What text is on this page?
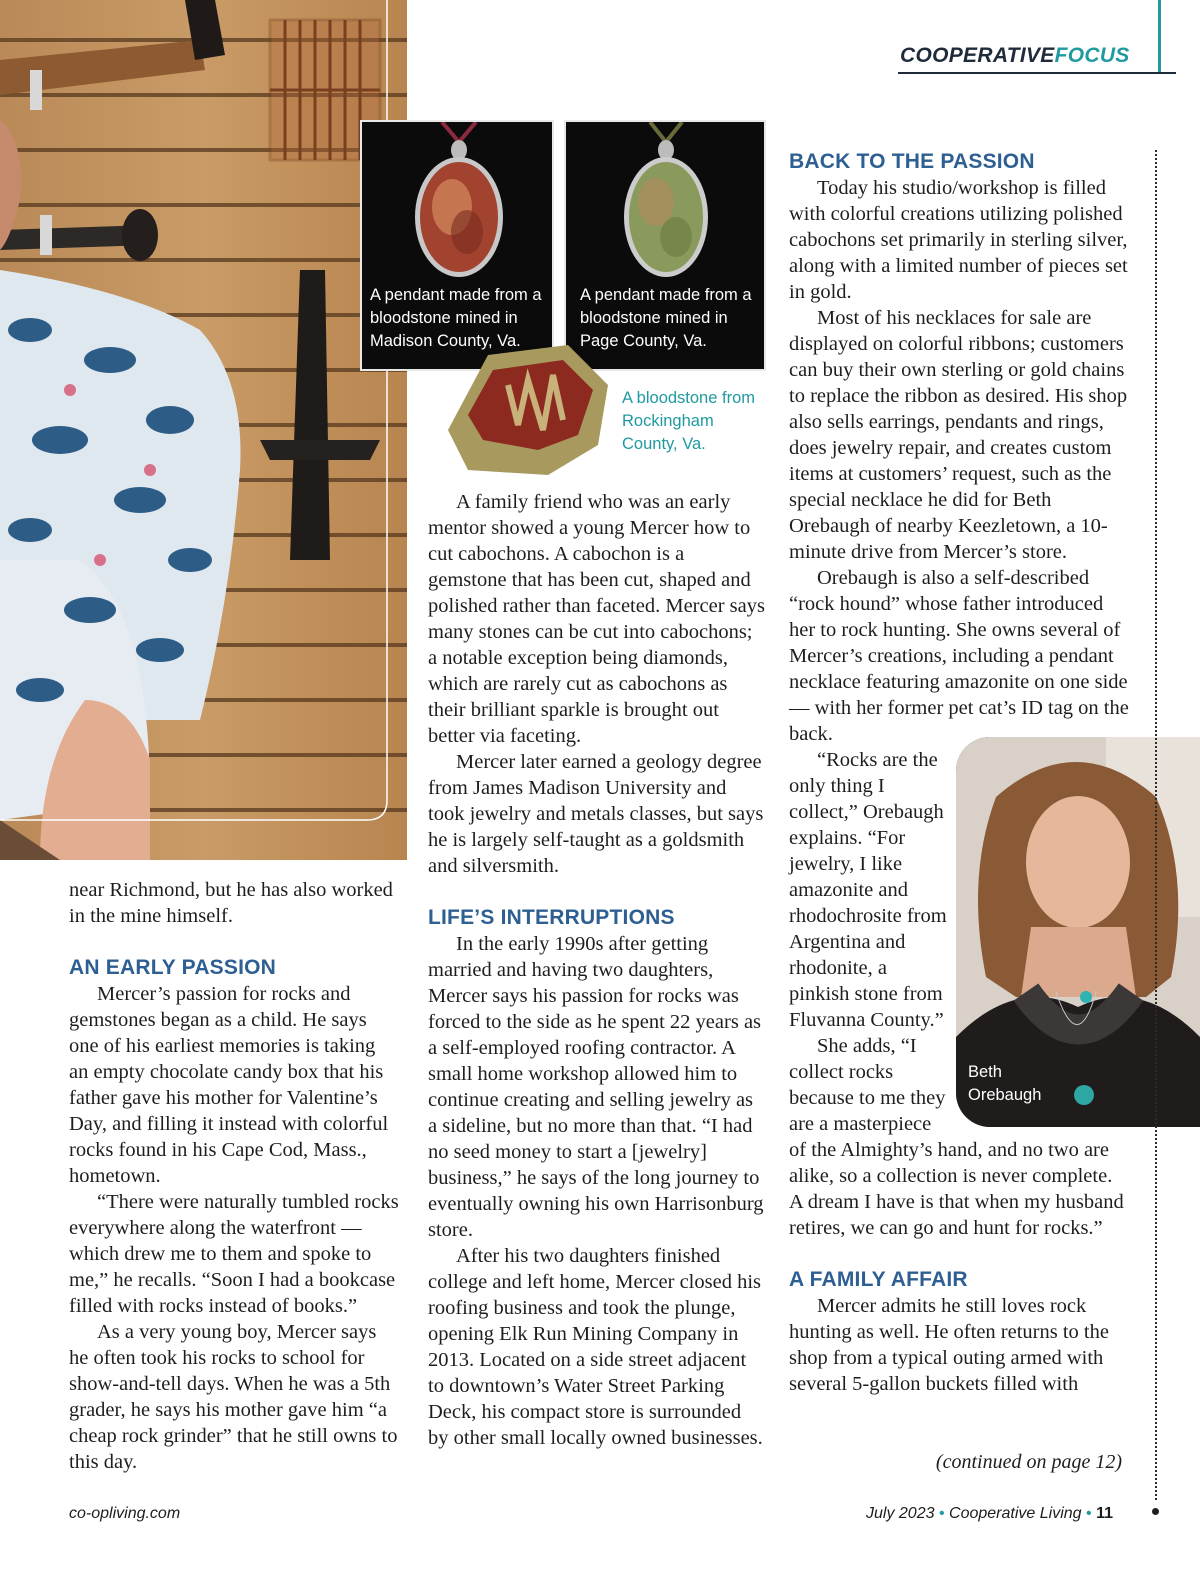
COOPERATIVEFOCUS
A pendant made from a bloodstone mined in Madison County, Va.
A pendant made from a bloodstone mined in Page County, Va.
A bloodstone from Rockingham County, Va.
Beth Orebaugh

near Richmond, but he has also worked in the mine himself.

AN EARLY PASSION

Mercer’s passion for rocks and gemstones began as a child. He says one of his earliest memories is taking an empty chocolate candy box that his father gave his mother for Valentine’s Day, and filling it instead with colorful rocks found in his Cape Cod, Mass., hometown.

“There were naturally tumbled rocks everywhere along the waterfront — which drew me to them and spoke to me,” he recalls. “Soon I had a bookcase filled with rocks instead of books.”

As a very young boy, Mercer says he often took his rocks to school for show-and-tell days. When he was a 5th grader, he says his mother gave him “a cheap rock grinder” that he still owns to this day.

A family friend who was an early mentor showed a young Mercer how to cut cabochons. A cabochon is a gemstone that has been cut, shaped and polished rather than faceted. Mercer says many stones can be cut into cabochons; a notable exception being diamonds, which are rarely cut as cabochons as their brilliant sparkle is brought out better via faceting.

Mercer later earned a geology degree from James Madison University and took jewelry and metals classes, but says he is largely self-taught as a goldsmith and silversmith.

LIFE’S INTERRUPTIONS

In the early 1990s after getting married and having two daughters, Mercer says his passion for rocks was forced to the side as he spent 22 years as a self-employed roofing contractor. A small home workshop allowed him to continue creating and selling jewelry as a sideline, but no more than that. “I had no seed money to start a [jewelry] business,” he says of the long journey to eventually owning his own Harrisonburg store.

After his two daughters finished college and left home, Mercer closed his roofing business and took the plunge, opening Elk Run Mining Company in 2013. Located on a side street adjacent to downtown’s Water Street Parking Deck, his compact store is surrounded by other small locally owned businesses.

BACK TO THE PASSION

Today his studio/workshop is filled with colorful creations utilizing polished cabochons set primarily in sterling silver, along with a limited number of pieces set in gold.

Most of his necklaces for sale are displayed on colorful ribbons; customers can buy their own sterling or gold chains to replace the ribbon as desired. His shop also sells earrings, pendants and rings, does jewelry repair, and creates custom items at customers’ request, such as the special necklace he did for Beth Orebaugh of nearby Keezletown, a 10-minute drive from Mercer’s store.

Orebaugh is also a self-described “rock hound” whose father introduced her to rock hunting. She owns several of Mercer’s creations, including a pendant necklace featuring amazonite on one side — with her former pet cat’s ID tag on the back.

“Rocks are the only thing I collect,” Orebaugh explains. “For jewelry, I like amazonite and rhodochrosite from Argentina and rhodonite, a pinkish stone from Fluvanna County.”

She adds, “I collect rocks because to me they are a masterpiece of the Almighty’s hand, and no two are alike, so a collection is never complete. A dream I have is that when my husband retires, we can go and hunt for rocks.”

A FAMILY AFFAIR

Mercer admits he still loves rock hunting as well. He often returns to the shop from a typical outing armed with several 5-gallon buckets filled with

(continued on page 12)
co-opliving.com	July 2023 • Cooperative Living • 11
